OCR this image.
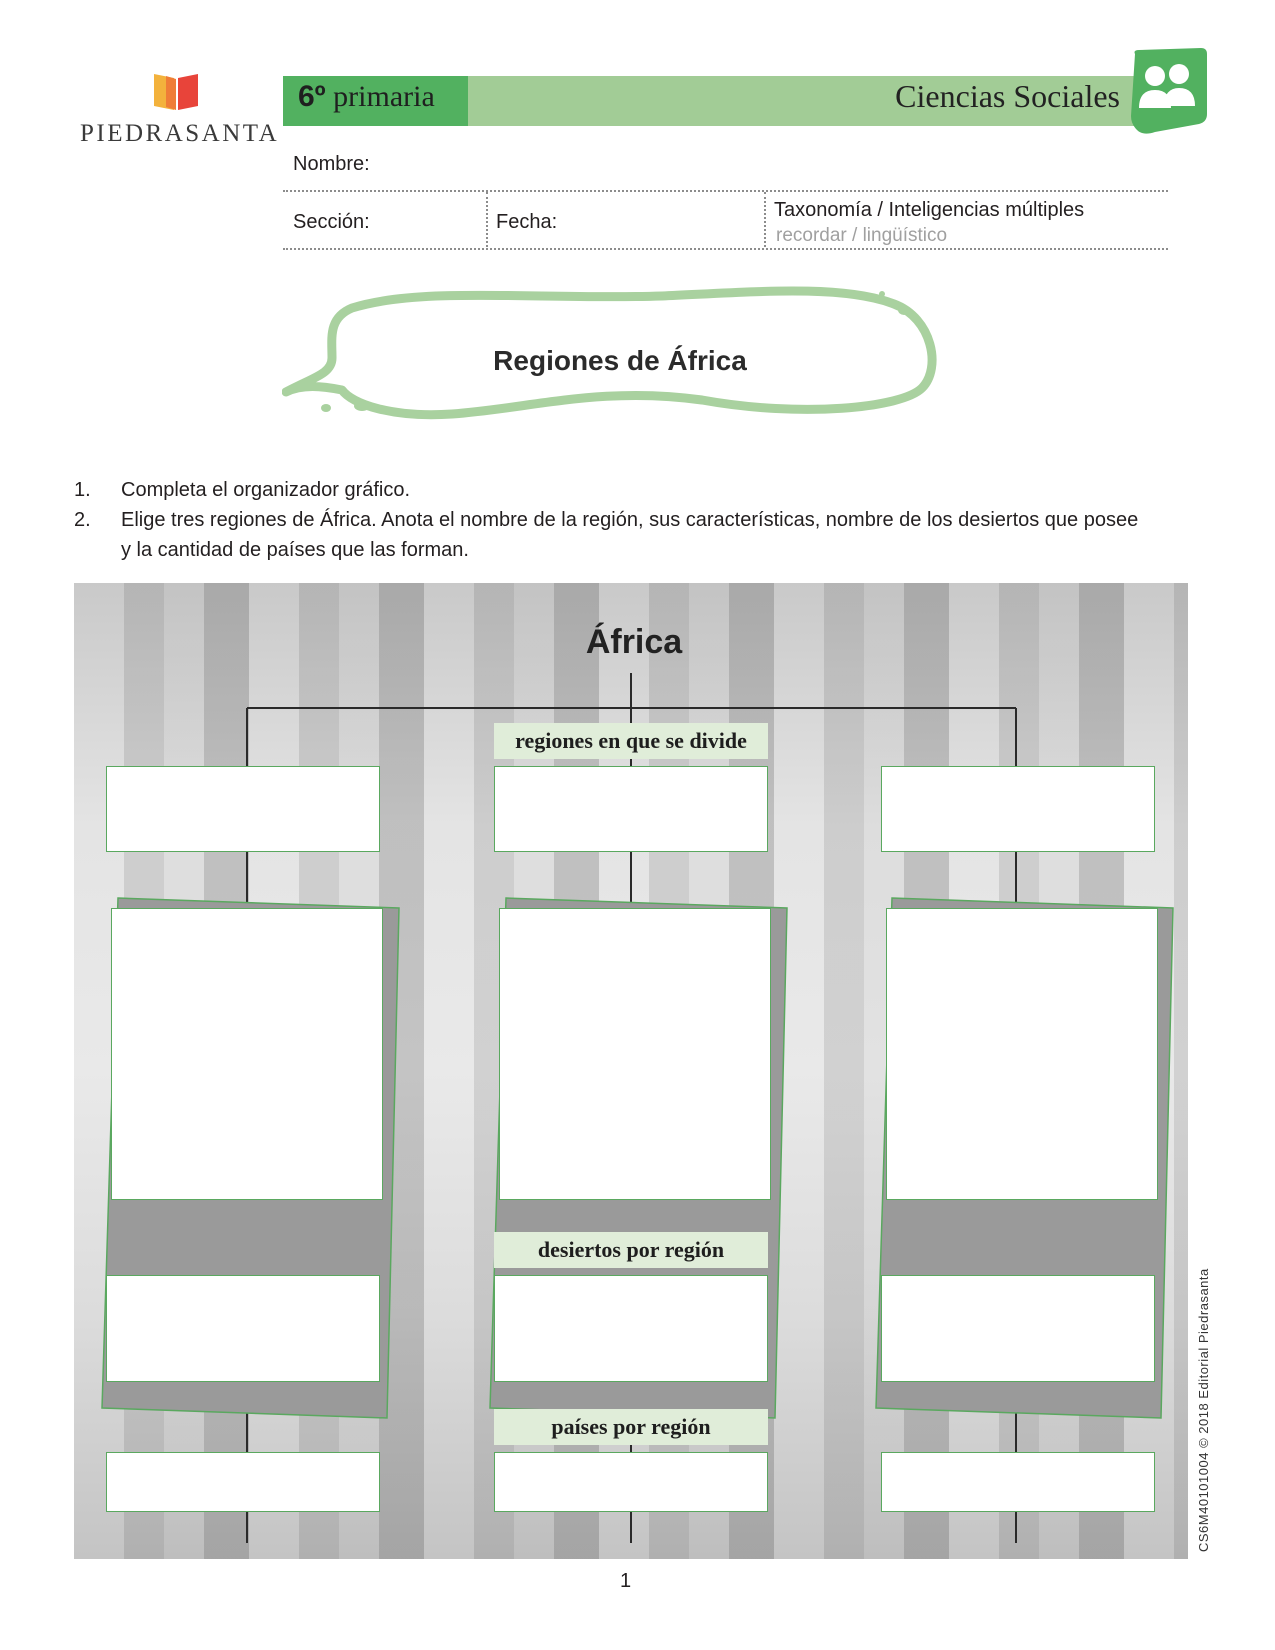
PIEDRASANTA
6º primaria	Ciencias Sociales
Nombre:
Sección:	Fecha:
Taxonomía / Inteligencias múltiples
recordar / lingüístico
Regiones de África
1. Completa el organizador gráfico.
2. Elige tres regiones de África. Anota el nombre de la región, sus características, nombre de los desiertos que posee
y la cantidad de países que las forman.
África
regiones en que se divide
desiertos por región
países por región
1
CS6M40101004 © 2018 Editorial Piedrasanta
